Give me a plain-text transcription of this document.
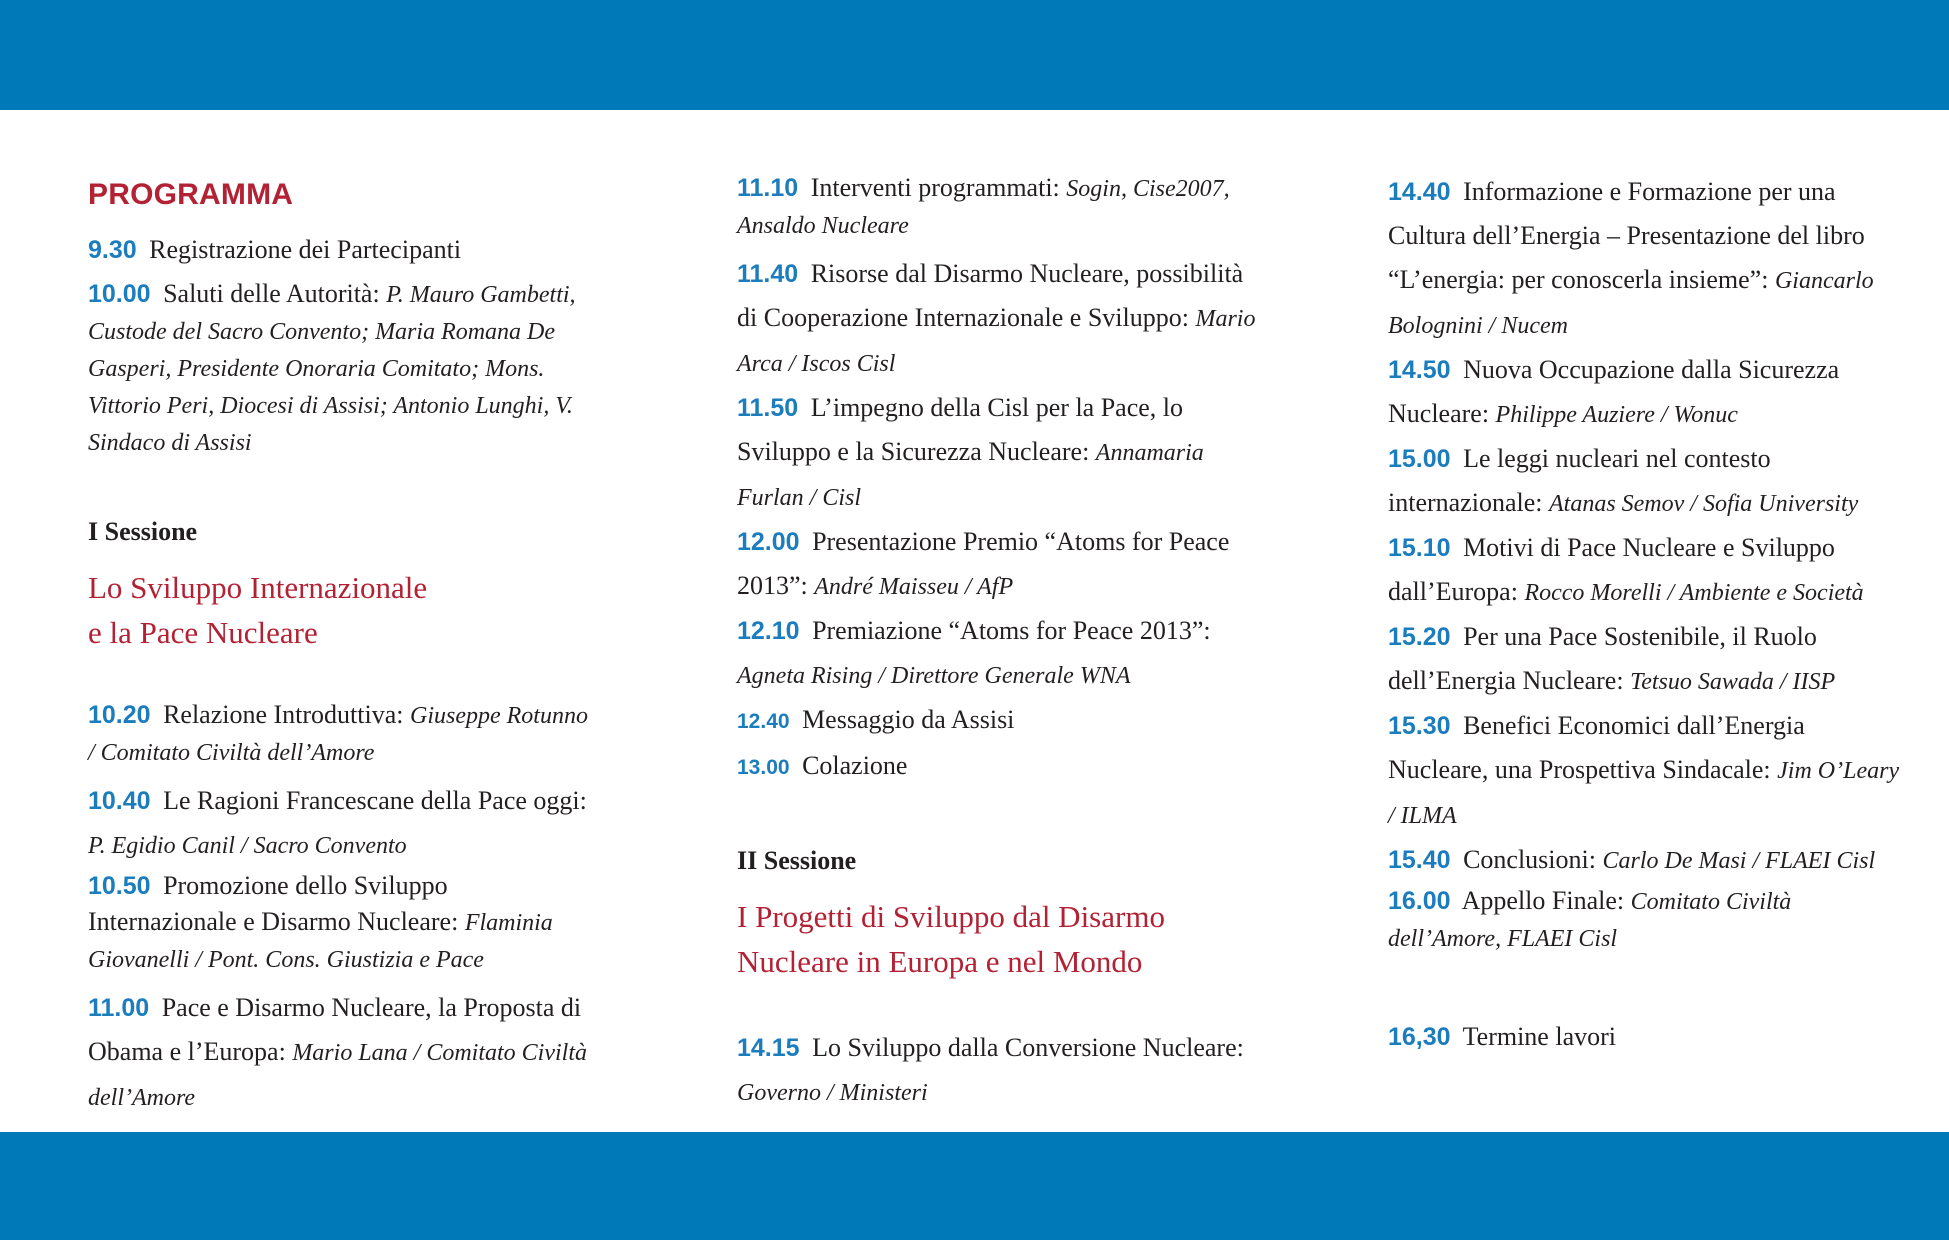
PROGRAMMA
9.30 Registrazione dei Partecipanti
10.00 Saluti delle Autorità: P. Mauro Gambetti, Custode del Sacro Convento; Maria Romana De Gasperi, Presidente Onoraria Comitato; Mons. Vittorio Peri, Diocesi di Assisi; Antonio Lunghi, V. Sindaco di Assisi
I Sessione
Lo Sviluppo Internazionale
e la Pace Nucleare
10.20 Relazione Introduttiva: Giuseppe Rotunno / Comitato Civiltà dell’Amore
10.40 Le Ragioni Francescane della Pace oggi: P. Egidio Canil / Sacro Convento
10.50 Promozione dello Sviluppo Internazionale e Disarmo Nucleare: Flaminia Giovanelli / Pont. Cons. Giustizia e Pace
11.00 Pace e Disarmo Nucleare, la Proposta di Obama e l’Europa: Mario Lana / Comitato Civiltà dell’Amore
11.10 Interventi programmati: Sogin, Cise2007, Ansaldo Nucleare
11.40 Risorse dal Disarmo Nucleare, possibilità di Cooperazione Internazionale e Sviluppo: Mario Arca / Iscos Cisl
11.50 L’impegno della Cisl per la Pace, lo Sviluppo e la Sicurezza Nucleare: Annamaria Furlan / Cisl
12.00 Presentazione Premio “Atoms for Peace 2013”: André Maisseu / AfP
12.10 Premiazione “Atoms for Peace 2013”: Agneta Rising / Direttore Generale WNA
12.40 Messaggio da Assisi
13.00 Colazione
II Sessione
I Progetti di Sviluppo dal Disarmo
Nucleare in Europa e nel Mondo
14.15 Lo Sviluppo dalla Conversione Nucleare: Governo / Ministeri
14.40 Informazione e Formazione per una Cultura dell’Energia – Presentazione del libro “L’energia: per conoscerla insieme”: Giancarlo Bolognini / Nucem
14.50 Nuova Occupazione dalla Sicurezza Nucleare: Philippe Auziere / Wonuc
15.00 Le leggi nucleari nel contesto internazionale: Atanas Semov / Sofia University
15.10 Motivi di Pace Nucleare e Sviluppo dall’Europa: Rocco Morelli / Ambiente e Società
15.20 Per una Pace Sostenibile, il Ruolo dell’Energia Nucleare: Tetsuo Sawada / IISP
15.30 Benefici Economici dall’Energia Nucleare, una Prospettiva Sindacale: Jim O’Leary / ILMA
15.40 Conclusioni: Carlo De Masi / FLAEI Cisl
16.00 Appello Finale: Comitato Civiltà dell’Amore, FLAEI Cisl
16,30 Termine lavori
